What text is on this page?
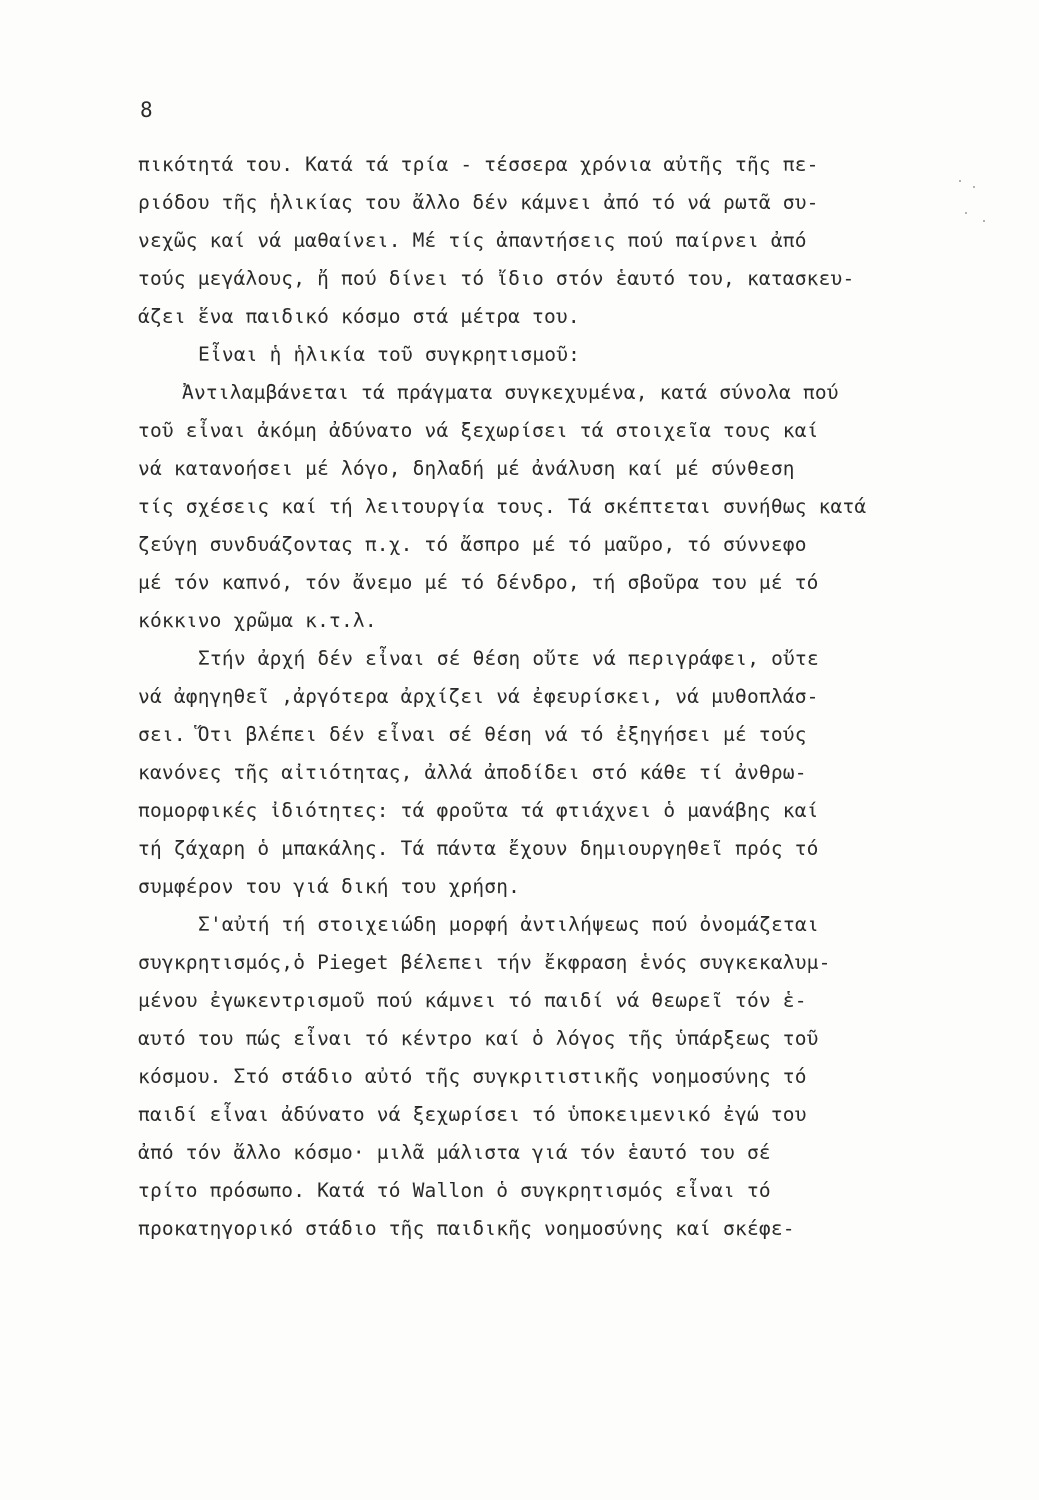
8
πικότητά του. Κατά τά τρία - τέσσερα χρόνια αὐτῆς τῆς πε-
ριόδου τῆς ἡλικίας του ἄλλο δέν κάμνει ἀπό τό νά ρωτᾶ συ-
νεχῶς καί νά μαθαίνει. Μέ τίς ἀπαντήσεις πού παίρνει ἀπό
τούς μεγάλους, ἤ πού δίνει τό ἴδιο στόν ἑαυτό του, κατασκευ-
άζει ἕνα παιδικό κόσμο στά μέτρα του.
Εἶναι ἡ ἡλικία τοῦ συγκρητισμοῦ:
Ἀντιλαμβάνεται τά πράγματα συγκεχυμένα, κατά σύνολα πού
τοῦ εἶναι ἀκόμη ἀδύνατο νά ξεχωρίσει τά στοιχεῖα τους καί
νά κατανοήσει μέ λόγο, δηλαδή μέ ἀνάλυση καί μέ σύνθεση
τίς σχέσεις καί τή λειτουργία τους. Τά σκέπτεται συνήθως κατά
ζεύγη συνδυάζοντας π.χ. τό ἄσπρο μέ τό μαῦρο, τό σύννεφο
μέ τόν καπνό, τόν ἄνεμο μέ τό δένδρο, τή σβοῦρα του μέ τό
κόκκινο χρῶμα κ.τ.λ.
Στήν ἀρχή δέν εἶναι σέ θέση οὔτε νά περιγράφει, οὔτε
νά ἀφηγηθεῖ ,ἀργότερα ἀρχίζει νά ἐφευρίσκει, νά μυθοπλάσ-
σει. Ὅτι βλέπει δέν εἶναι σέ θέση νά τό ἐξηγήσει μέ τούς
κανόνες τῆς αἰτιότητας, ἀλλά ἀποδίδει στό κάθε τί ἀνθρω-
πομορφικές ἰδιότητες: τά φροῦτα τά φτιάχνει ὁ μανάβης καί
τή ζάχαρη ὁ μπακάλης. Τά πάντα ἔχουν δημιουργηθεῖ πρός τό
συμφέρον του γιά δική του χρήση.
Σ'αὐτή τή στοιχειώδη μορφή ἀντιλήψεως πού ὀνομάζεται
συγκρητισμός,ὁ Pieget βέλεπει τήν ἔκφραση ἑνός συγκεκαλυμ-
μένου ἐγωκεντρισμοῦ πού κάμνει τό παιδί νά θεωρεῖ τόν ἑ-
αυτό του πώς εἶναι τό κέντρο καί ὁ λόγος τῆς ὑπάρξεως τοῦ
κόσμου. Στό στάδιο αὐτό τῆς συγκριτιστικῆς νοημοσύνης τό
παιδί εἶναι ἀδύνατο νά ξεχωρίσει τό ὑποκειμενικό ἐγώ του
ἀπό τόν ἄλλο κόσμο· μιλᾶ μάλιστα γιά τόν ἑαυτό του σέ
τρίτο πρόσωπο. Κατά τό Wallon ὁ συγκρητισμός εἶναι τό
προκατηγορικό στάδιο τῆς παιδικῆς νοημοσύνης καί σκέφε-
